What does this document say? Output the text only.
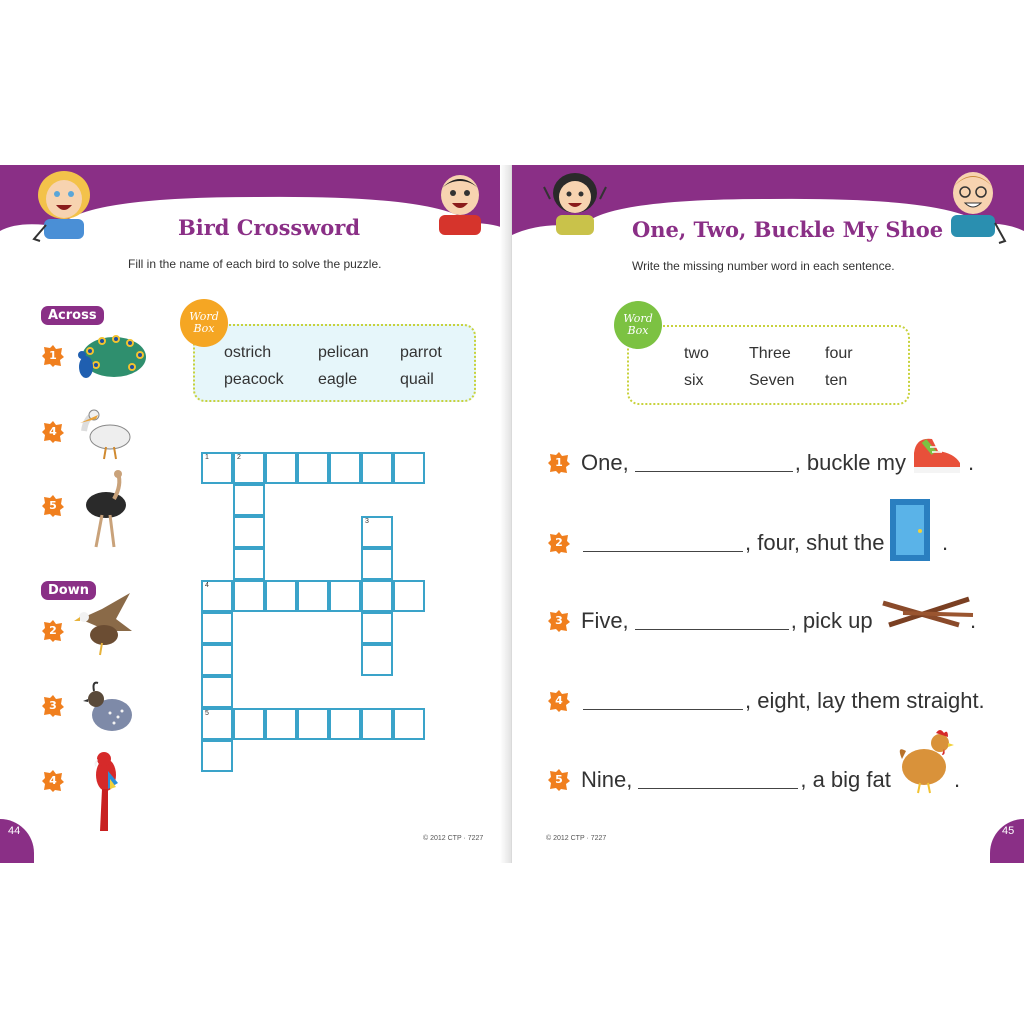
Bird Crossword
Fill in the name of each bird to solve the puzzle.
Across
Down
1
4
5
2
3
4
ostrich	pelican parrot
peacock eagle	quail
Word
Box
1	2
3
4
5
© 2012 CTP · 7227
44
One, Two, Buckle My Shoe
Write the missing number word in each sentence.
two	Three four
six	Seven ten
Word
Box
1
2
3
4
5
One,	, buckle my	.
, four, shut the	.
Five,	, pick up	.
, eight, lay them straight.
Nine,	, a big fat	.
© 2012 CTP · 7227
45
